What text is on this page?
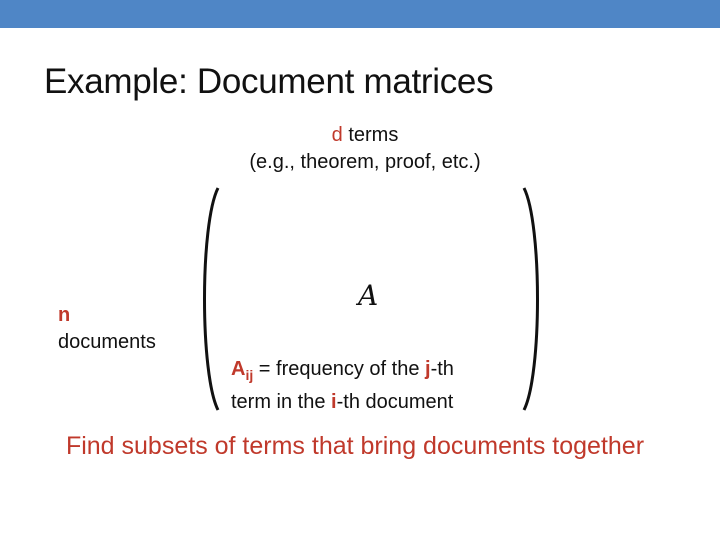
Example: Document matrices
d terms
(e.g., theorem, proof, etc.)
n
documents
A
$A_{ij}$ = frequency of the j-th
term in the i-th document
Find subsets of terms that bring documents together
